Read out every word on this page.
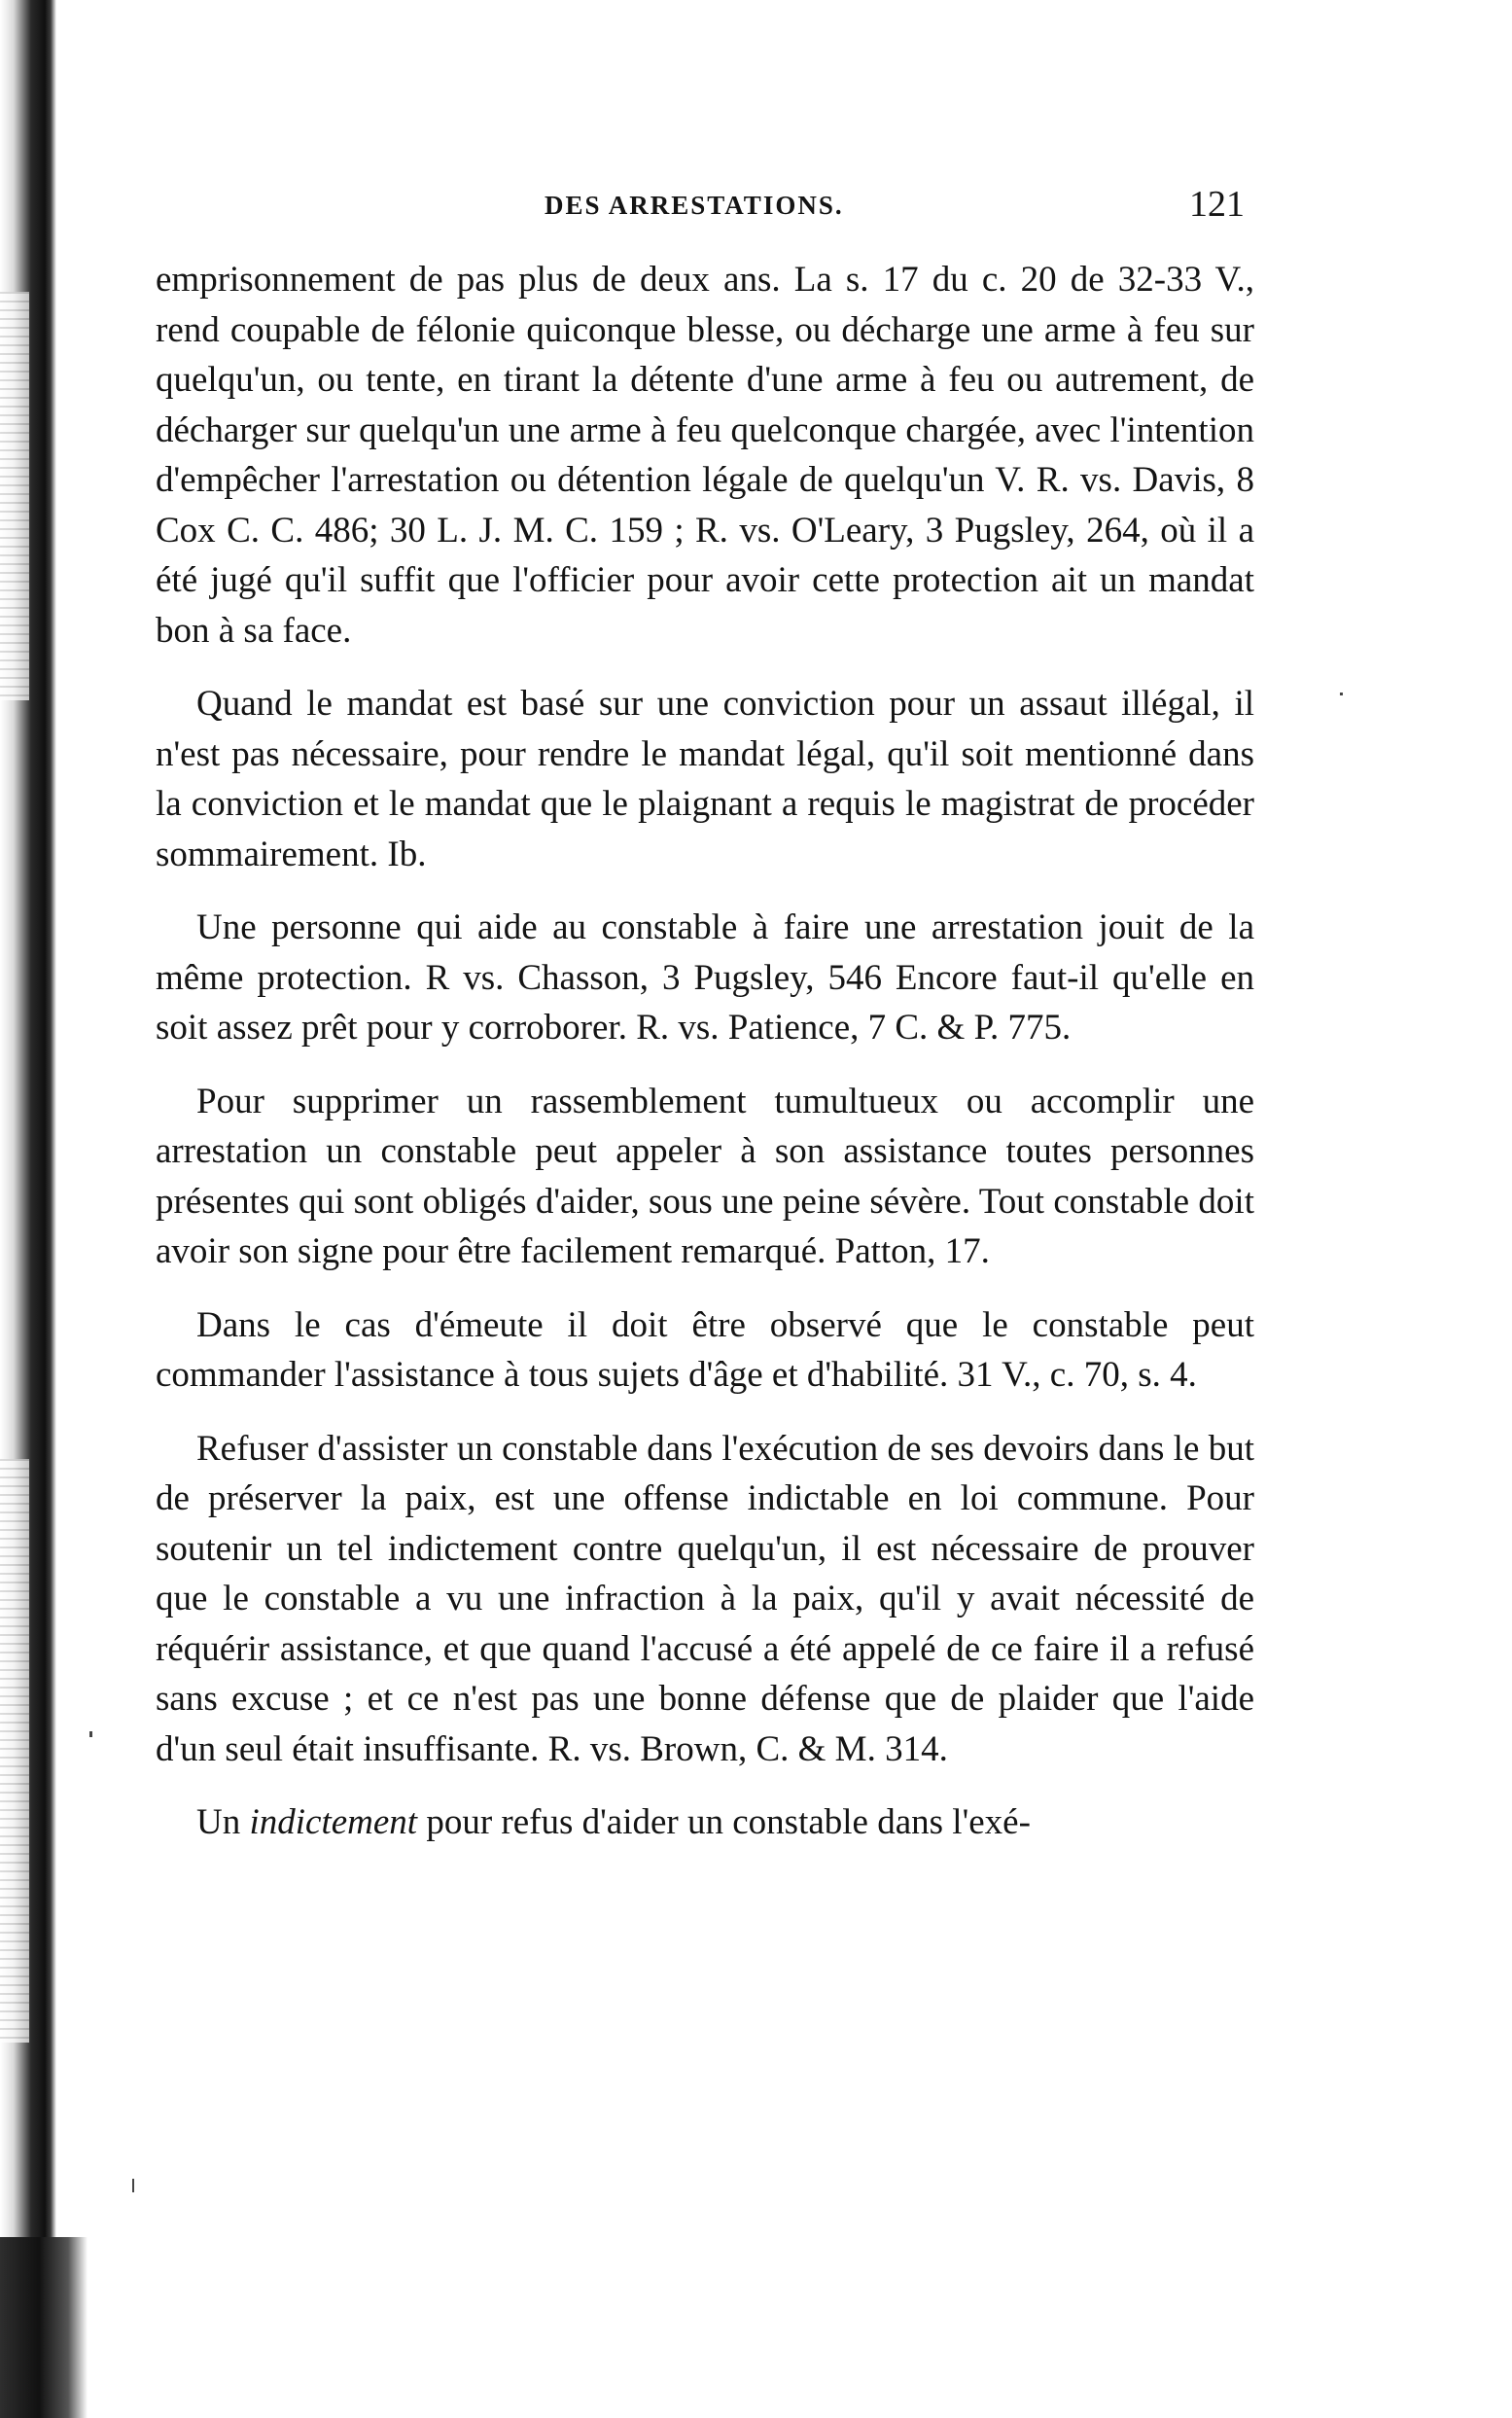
DES ARRESTATIONS.	121

emprisonnement de pas plus de deux ans. La s. 17 du c. 20 de 32-33 V., rend coupable de félonie quiconque blesse, ou décharge une arme à feu sur quelqu'un, ou tente, en tirant la détente d'une arme à feu ou autrement, de décharger sur quelqu'un une arme à feu quelconque chargée, avec l'intention d'empêcher l'arrestation ou détention légale de quelqu'un V. R. vs. Davis, 8 Cox C. C. 486; 30 L. J. M. C. 159 ; R. vs. O'Leary, 3 Pugsley, 264, où il a été jugé qu'il suffit que l'officier pour avoir cette protection ait un mandat bon à sa face.

Quand le mandat est basé sur une conviction pour un assaut illégal, il n'est pas nécessaire, pour rendre le mandat légal, qu'il soit mentionné dans la conviction et le mandat que le plaignant a requis le magistrat de procéder sommairement. Ib.

Une personne qui aide au constable à faire une arrestation jouit de la même protection. R vs. Chasson, 3 Pugsley, 546 Encore faut-il qu'elle en soit assez prêt pour y corroborer. R. vs. Patience, 7 C. & P. 775.

Pour supprimer un rassemblement tumultueux ou accomplir une arrestation un constable peut appeler à son assistance toutes personnes présentes qui sont obligés d'aider, sous une peine sévère. Tout constable doit avoir son signe pour être facilement remarqué. Patton, 17.

Dans le cas d'émeute il doit être observé que le constable peut commander l'assistance à tous sujets d'âge et d'habilité. 31 V., c. 70, s. 4.

Refuser d'assister un constable dans l'exécution de ses devoirs dans le but de préserver la paix, est une offense indictable en loi commune. Pour soutenir un tel indictement contre quelqu'un, il est nécessaire de prouver que le constable a vu une infraction à la paix, qu'il y avait nécessité de réquérir assistance, et que quand l'accusé a été appelé de ce faire il a refusé sans excuse ; et ce n'est pas une bonne défense que de plaider que l'aide d'un seul était insuffisante. R. vs. Brown, C. & M. 314.

Un indictement pour refus d'aider un constable dans l'exé-
